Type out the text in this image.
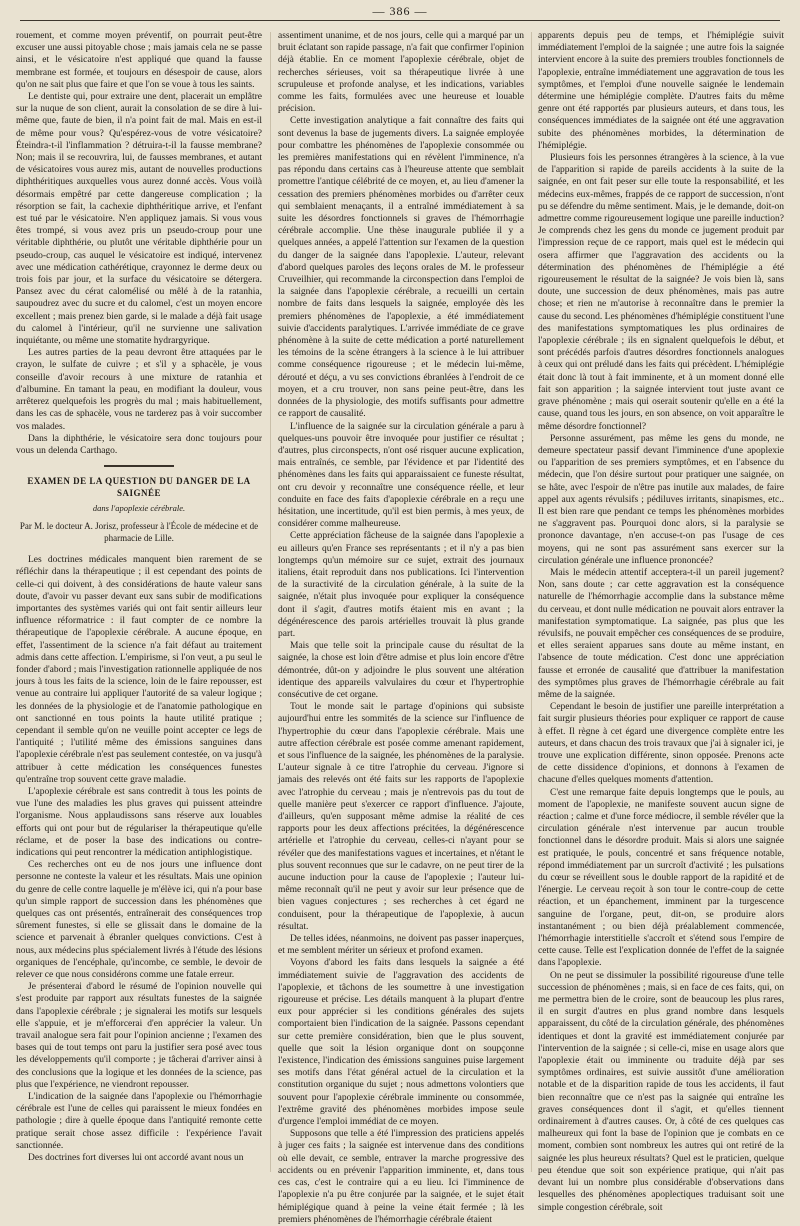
— 386 —

rouement, et comme moyen préventif, on pourrait peut-être excuser une aussi pitoyable chose ; mais jamais cela ne se passe ainsi, et le vésicatoire n'est appliqué que quand la fausse membrane est formée, et toujours en désespoir de cause, alors qu'on ne sait plus que faire et que l'on se voue à tous les saints.

Le dentiste qui, pour extraire une dent, placerait un emplâtre sur la nuque de son client, aurait la consolation de se dire à lui-même que, faute de bien, il n'a point fait de mal. Mais en est-il de même pour vous? Qu'espérez-vous de votre vésicatoire? Éteindra-t-il l'inflammation ? détruira-t-il la fausse membrane? Non; mais il se recouvrira, lui, de fausses membranes, et autant de vésicatoires vous aurez mis, autant de nouvelles productions diphthéritiques auxquelles vous aurez donné accès. Vous voilà désormais empêtré par cette dangereuse complication ; la résorption se fait, la cachexie diphthéritique arrive, et l'enfant est tué par le vésicatoire. N'en appliquez jamais. Si vous vous êtes trompé, si vous avez pris un pseudo-croup pour une véritable diphthérie, ou plutôt une véritable diphthérie pour un pseudo-croup, cas auquel le vésicatoire est indiqué, intervenez avec une médication cathérétique, crayonnez le derme deux ou trois fois par jour, et la surface du vésicatoire se détergera. Pansez avec du cérat calomélisé ou mêlé à de la ratanhia, saupoudrez avec du sucre et du calomel, c'est un moyen encore excellent ; mais prenez bien garde, si le malade a déjà fait usage du calomel à l'intérieur, qu'il ne survienne une salivation inquiétante, ou même une stomatite hydrargyrique.

Les autres parties de la peau devront être attaquées par le crayon, le sulfate de cuivre ; et s'il y a sphacèle, je vous conseille d'avoir recours à une mixture de ratanhia et d'albumine. En tamant la peau, en modifiant la douleur, vous arrêterez quelquefois les progrès du mal ; mais habituellement, dans les cas de sphacèle, vous ne tarderez pas à voir succomber vos malades.

Dans la diphthérie, le vésicatoire sera donc toujours pour vous un delenda Carthago.

EXAMEN DE LA QUESTION DU DANGER DE LA SAIGNÉE
dans l'apoplexie cérébrale.
Par M. le docteur A. Jorisz, professeur à l'École de médecine et de pharmacie de Lille.

Les doctrines médicales manquent bien rarement de se réfléchir dans la thérapeutique ; il est cependant des points de celle-ci qui doivent, à des considérations de haute valeur sans doute, d'avoir vu passer devant eux sans subir de modifications importantes des systèmes variés qui ont fait sentir ailleurs leur influence réformatrice : il faut compter de ce nombre la thérapeutique de l'apoplexie cérébrale. A aucune époque, en effet, l'assentiment de la science n'a fait défaut au traitement admis dans cette affection. L'empirisme, si l'on veut, a pu seul le fonder d'abord ; mais l'investigation rationnelle appliquée de nos jours à tous les faits de la science, loin de le faire repousser, est venue au contraire lui appliquer l'autorité de sa valeur logique ; les données de la physiologie et de l'anatomie pathologique en ont sanctionné en tous points la haute utilité pratique ; cependant il semble qu'on ne veuille point accepter ce legs de l'antiquité ; l'utilité même des émissions sanguines dans l'apoplexie cérébrale n'est pas seulement contestée, on va jusqu'à attribuer à cette médication les conséquences funestes qu'entraîne trop souvent cette grave maladie.

L'apoplexie cérébrale est sans contredit à tous les points de vue l'une des maladies les plus graves qui puissent atteindre l'organisme. Nous applaudissons sans réserve aux louables efforts qui ont pour but de régulariser la thérapeutique qu'elle réclame, et de poser la base des indications ou contre-indications qui peut rencontrer la médication antiphlogistique.

Ces recherches ont eu de nos jours une influence dont personne ne conteste la valeur et les résultats. Mais une opinion du genre de celle contre laquelle je m'élève ici, qui n'a pour base qu'un simple rapport de succession dans les phénomènes que quelques cas ont présentés, entraînerait des conséquences trop sûrement funestes, si elle se glissait dans le domaine de la science et parvenait à ébranler quelques convictions. C'est à nous, aux médecins plus spécialement livrés à l'étude des lésions organiques de l'encéphale, qu'incombe, ce semble, le devoir de relever ce que nous considérons comme une fatale erreur.

Je présenterai d'abord le résumé de l'opinion nouvelle qui s'est produite par rapport aux résultats funestes de la saignée dans l'apoplexie cérébrale ; je signalerai les motifs sur lesquels elle s'appuie, et je m'efforcerai d'en apprécier la valeur. Un travail analogue sera fait pour l'opinion ancienne ; l'examen des bases qui de tout temps ont paru la justifier sera posé avec tous les développements qu'il comporte ; je tâcherai d'arriver ainsi à des conclusions que la logique et les données de la science, pas plus que l'expérience, ne viendront repousser.

L'indication de la saignée dans l'apoplexie ou l'hémorrhagie cérébrale est l'une de celles qui paraissent le mieux fondées en pathologie ; dire à quelle époque dans l'antiquité remonte cette pratique serait chose assez difficile : l'expérience l'avait sanctionnée.

Des doctrines fort diverses lui ont accordé avant nous un

assentiment unanime, et de nos jours, celle qui a marqué par un bruit éclatant son rapide passage, n'a fait que confirmer l'opinion déjà établie. En ce moment l'apoplexie cérébrale, objet de recherches sérieuses, voit sa thérapeutique livrée à une scrupuleuse et profonde analyse, et les indications, variables comme les faits, formulées avec une heureuse et louable précision.

Cette investigation analytique a fait connaître des faits qui sont devenus la base de jugements divers. La saignée employée pour combattre les phénomènes de l'apoplexie consommée ou les premières manifestations qui en révèlent l'imminence, n'a pas répondu dans certains cas à l'heureuse attente que semblait promettre l'antique célébrité de ce moyen, et, au lieu d'amener la cessation des premiers phénomènes morbides ou d'arrêter ceux qui semblaient menaçants, il a entraîné immédiatement à sa suite les désordres fonctionnels si graves de l'hémorrhagie cérébrale accomplie. Une thèse inaugurale publiée il y a quelques années, a appelé l'attention sur l'examen de la question du danger de la saignée dans l'apoplexie. L'auteur, relevant d'abord quelques paroles des leçons orales de M. le professeur Cruveilhier, qui recommande la circonspection dans l'emploi de la saignée dans l'apoplexie cérébrale, a recueilli un certain nombre de faits dans lesquels la saignée, employée dès les premiers phénomènes de l'apoplexie, a été immédiatement suivie d'accidents paralytiques. L'arrivée immédiate de ce grave phénomène à la suite de cette médication a porté naturellement les témoins de la scène étrangers à la science à le lui attribuer comme conséquence rigoureuse ; et le médecin lui-même, dérouté et déçu, a vu ses convictions ébranlées à l'endroit de ce moyen, et a cru trouver, non sans peine peut-être, dans les données de la physiologie, des motifs suffisants pour admettre ce rapport de causalité.

L'influence de la saignée sur la circulation générale a paru à quelques-uns pouvoir être invoquée pour justifier ce résultat ; d'autres, plus circonspects, n'ont osé risquer aucune explication, mais entraînés, ce semble, par l'évidence et par l'identité des phénomènes dans les faits qui apparaissaient ce funeste résultat, ont cru devoir y reconnaître une conséquence réelle, et leur conduite en face des faits d'apoplexie cérébrale en a reçu une hésitation, une incertitude, qu'il est bien permis, à mes yeux, de considérer comme malheureuse.

Cette appréciation fâcheuse de la saignée dans l'apoplexie a eu ailleurs qu'en France ses représentants ; et il n'y a pas bien longtemps qu'un mémoire sur ce sujet, extrait des journaux italiens, était reproduit dans nos publications. Ici l'intervention de la suractivité de la circulation générale, à la suite de la saignée, n'était plus invoquée pour expliquer la conséquence dont il s'agit, d'autres motifs étaient mis en avant ; la dégénérescence des parois artérielles trouvait là plus grande part.

Mais que telle soit la principale cause du résultat de la saignée, la chose est loin d'être admise et plus loin encore d'être démontrée, dût-on y adjoindre le plus souvent une altération identique des appareils valvulaires du cœur et l'hypertrophie consécutive de cet organe.

Tout le monde sait le partage d'opinions qui subsiste aujourd'hui entre les sommités de la science sur l'influence de l'hypertrophie du cœur dans l'apoplexie cérébrale. Mais une autre affection cérébrale est posée comme amenant rapidement, et sous l'influence de la saignée, les phénomènes de la paralysie. L'auteur signale à ce titre l'atrophie du cerveau. J'ignore si jamais des relevés ont été faits sur les rapports de l'apoplexie avec l'atrophie du cerveau ; mais je n'entrevois pas du tout de quelle manière peut s'exercer ce rapport d'influence. J'ajoute, d'ailleurs, qu'en supposant même admise la réalité de ces rapports pour les deux affections précitées, la dégénérescence artérielle et l'atrophie du cerveau, celles-ci n'ayant pour se révéler que des manifestations vagues et incertaines, et n'étant le plus souvent reconnues que sur le cadavre, on ne peut tirer de la aucune induction pour la cause de l'apoplexie ; l'auteur lui-même reconnaît qu'il ne peut y avoir sur leur présence que de bien vagues conjectures ; ses recherches à cet égard ne conduisent, pour la thérapeutique de l'apoplexie, à aucun résultat.

De telles idées, néanmoins, ne doivent pas passer inaperçues, et me semblent mériter un sérieux et profond examen.

Voyons d'abord les faits dans lesquels la saignée a été immédiatement suivie de l'aggravation des accidents de l'apoplexie, et tâchons de les soumettre à une investigation rigoureuse et précise. Les détails manquent à la plupart d'entre eux pour apprécier si les conditions générales des sujets comportaient bien l'indication de la saignée. Passons cependant sur cette première considération, bien que le plus souvent, quelle que soit la lésion organique dont on soupçonne l'existence, l'indication des émissions sanguines puise largement ses motifs dans l'état général actuel de la circulation et la constitution organique du sujet ; nous admettons volontiers que souvent pour l'apoplexie cérébrale imminente ou consommée, l'extrême gravité des phénomènes morbides impose seule d'urgence l'emploi immédiat de ce moyen.

Supposons que telle a été l'impression des praticiens appelés à juger ces faits ; la saignée est intervenue dans des conditions où elle devait, ce semble, entraver la marche progressive des accidents ou en prévenir l'apparition imminente, et, dans tous ces cas, c'est le contraire qui a eu lieu. Ici l'imminence de l'apoplexie n'a pu être conjurée par la saignée, et le sujet était hémiplégique quand à peine la veine était fermée ; là les premiers phénomènes de l'hémorrhagie cérébrale étaient

apparents depuis peu de temps, et l'hémiplégie suivit immédiatement l'emploi de la saignée ; une autre fois la saignée intervient encore à la suite des premiers troubles fonctionnels de l'apoplexie, entraîne immédiatement une aggravation de tous les symptômes, et l'emploi d'une nouvelle saignée le lendemain détermine une hémiplégie complète. D'autres faits du même genre ont été rapportés par plusieurs auteurs, et dans tous, les conséquences immédiates de la saignée ont été une aggravation subite des phénomènes morbides, la détermination de l'hémiplégie.

Plusieurs fois les personnes étrangères à la science, à la vue de l'apparition si rapide de pareils accidents à la suite de la saignée, en ont fait peser sur elle toute la responsabilité, et les médecins eux-mêmes, frappés de ce rapport de succession, n'ont pu se défendre du même sentiment. Mais, je le demande, doit-on admettre comme rigoureusement logique une pareille induction? Je comprends chez les gens du monde ce jugement produit par l'impression reçue de ce rapport, mais quel est le médecin qui osera affirmer que l'aggravation des accidents ou la détermination des phénomènes de l'hémiplégie a été rigoureusement le résultat de la saignée? Je vois bien là, sans doute, une succession de deux phénomènes, mais pas autre chose; et rien ne m'autorise à reconnaître dans le premier la cause du second. Les phénomènes d'hémiplégie constituent l'une des manifestations symptomatiques les plus ordinaires de l'apoplexie cérébrale ; ils en signalent quelquefois le début, et sont précédés parfois d'autres désordres fonctionnels analogues à ceux qui ont préludé dans les faits qui précèdent. L'hémiplégie était donc là tout à fait imminente, et à un moment donné elle fait son apparition ; la saignée intervient tout juste avant ce grave phénomène ; mais qui oserait soutenir qu'elle en a été la cause, quand tous les jours, en son absence, on voit apparaître le même désordre fonctionnel?

Personne assurément, pas même les gens du monde, ne demeure spectateur passif devant l'imminence d'une apoplexie ou l'apparition de ses premiers symptômes, et en l'absence du médecin, que l'on désire surtout pour pratiquer une saignée, on se hâte, avec l'espoir de n'être pas inutile aux malades, de faire appel aux agents révulsifs ; pédiluves irritants, sinapismes, etc.. Il est bien rare que pendant ce temps les phénomènes morbides ne s'aggravent pas. Pourquoi donc alors, si la paralysie se prononce davantage, n'en accuse-t-on pas l'usage de ces moyens, qui ne sont pas assurément sans exercer sur la circulation générale une influence prononcée?

Mais le médecin attentif acceptera-t-il un pareil jugement? Non, sans doute ; car cette aggravation est la conséquence naturelle de l'hémorrhagie accomplie dans la substance même du cerveau, et dont nulle médication ne pouvait alors entraver la manifestation symptomatique. La saignée, pas plus que les révulsifs, ne pouvait empêcher ces conséquences de se produire, et elles seraient apparues sans doute au même instant, en l'absence de toute médication. C'est donc une appréciation fausse et erronée de causalité que d'attribuer la manifestation des symptômes plus graves de l'hémorrhagie cérébrale au fait même de la saignée.

Cependant le besoin de justifier une pareille interprétation a fait surgir plusieurs théories pour expliquer ce rapport de cause à effet. Il règne à cet égard une divergence complète entre les auteurs, et dans chacun des trois travaux que j'ai à signaler ici, je trouve une explication différente, sinon opposée. Prenons acte de cette dissidence d'opinions, et donnons à l'examen de chacune d'elles quelques moments d'attention.

C'est une remarque faite depuis longtemps que le pouls, au moment de l'apoplexie, ne manifeste souvent aucun signe de réaction ; calme et d'une force médiocre, il semble révéler que la circulation générale n'est intervenue par aucun trouble fonctionnel dans le désordre produit. Mais si alors une saignée est pratiquée, le pouls, concentré et sans fréquence notable, répond immédiatement par un surcroît d'activité ; les pulsations du cœur se réveillent sous le double rapport de la rapidité et de l'énergie. Le cerveau reçoit à son tour le contre-coup de cette réaction, et un épanchement, imminent par la turgescence sanguine de l'organe, peut, dit-on, se produire alors instantanément ; ou bien déjà préalablement commencée, l'hémorrhagie interstitielle s'accroît et s'étend sous l'empire de cette cause. Telle est l'explication donnée de l'effet de la saignée dans l'apoplexie.

On ne peut se dissimuler la possibilité rigoureuse d'une telle succession de phénomènes ; mais, si en face de ces faits, qui, on me permettra bien de le croire, sont de beaucoup les plus rares, il en surgit d'autres en plus grand nombre dans lesquels apparaissent, du côté de la circulation générale, des phénomènes identiques et dont la gravité est immédiatement conjurée par l'intervention de la saignée ; si celle-ci, mise en usage alors que l'apoplexie était ou imminente ou traduite déjà par ses symptômes ordinaires, est suivie aussitôt d'une amélioration notable et de la disparition rapide de tous les accidents, il faut bien reconnaître que ce n'est pas la saignée qui entraîne les graves conséquences dont il s'agit, et qu'elles tiennent ordinairement à d'autres causes. Or, à côté de ces quelques cas malheureux qui font la base de l'opinion que je combats en ce moment, combien sont nombreux les autres qui ont retiré de la saignée les plus heureux résultats? Quel est le praticien, quelque peu étendue que soit son expérience pratique, qui n'ait pas devant lui un nombre plus considérable d'observations dans lesquelles des phénomènes apoplectiques traduisant soit une simple congestion cérébrale, soit
